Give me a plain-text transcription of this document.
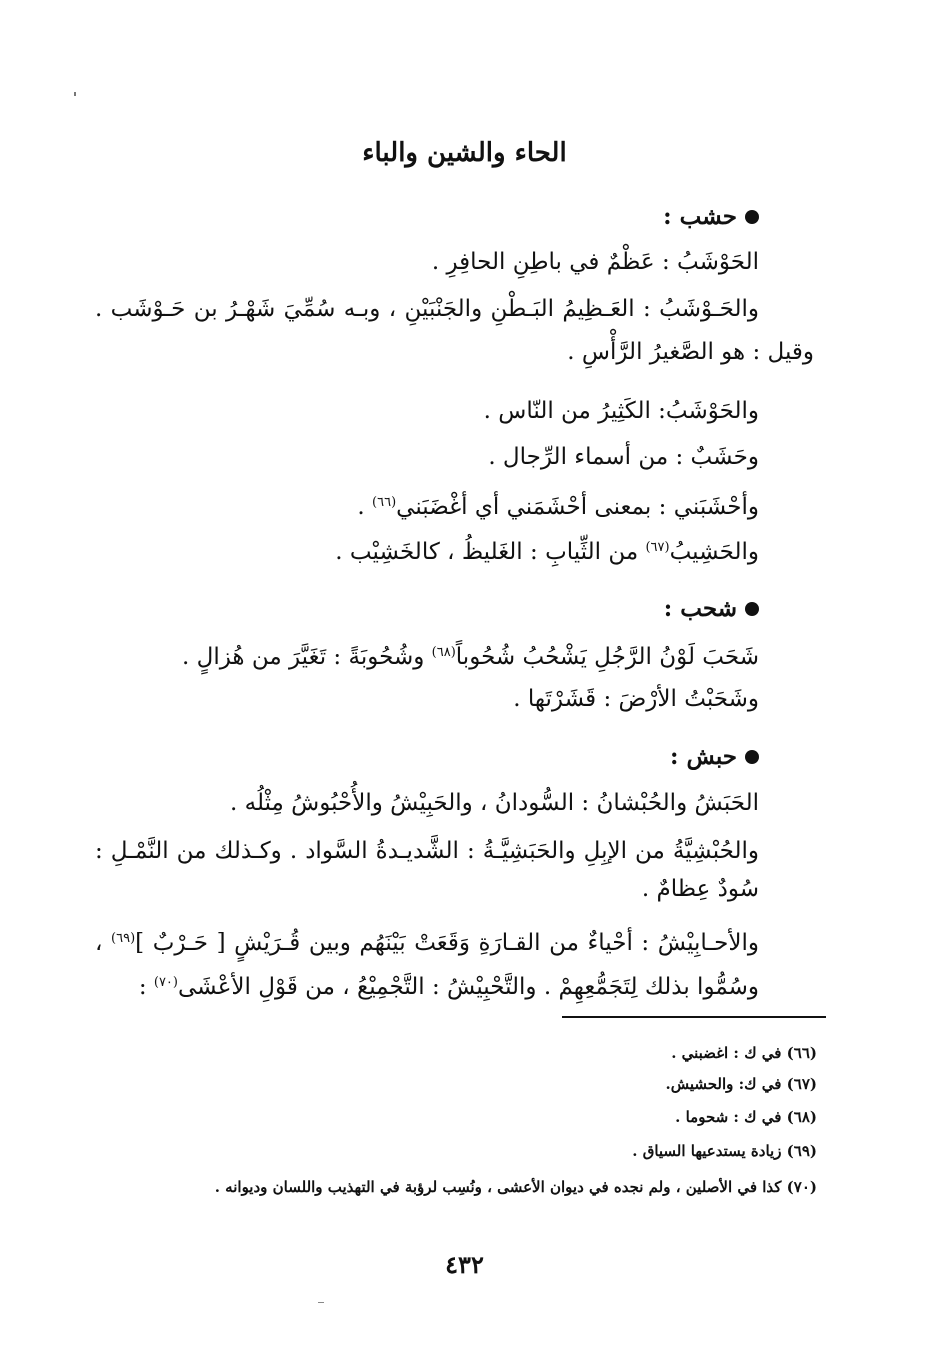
الحاء والشين والباء
حشب :
الحَوْشَبُ : عَظْمٌ في باطِنِ الحافِرِ .
والحَـوْشَبُ : العَـظِيمُ البَـطْنِ والجَنْبَيْنِ ، وبـه سُمِّيَ شَهْـرُ بن حَـوْشَب .
وقيل : هو الصَّغيرُ الرَّأْسِ .
والحَوْشَبُ: الكَثِيرُ من النّاس .
وحَشَبٌ : من أسماء الرِّجال .
وأحْشَبَني : بمعنى أحْشَمَني أي أغْضَبَني$^{(٦٦)}$ .
والحَشِيبُ$^{(٦٧)}$ من الثِّيابِ : الغَليظُ ، كالخَشِيْب .
شحب :
شَحَبَ لَوْنُ الرَّجُلِ يَشْحُبُ شُحُوباً$^{(٦٨)}$ وشُحُوبَةً : تَغَيَّرَ من هُزالٍ .
وشَحَبْتُ الأرْضَ : قَشَرْتَها .
حبش :
الحَبَشُ والحُبْشانُ : السُّودانُ ، والحَبِيْشُ والأُحْبُوشُ مِثْلُه .
والحُبْشِيَّةُ من الإبِلِ والحَبَشِيَّـةُ : الشَّديـدةُ السَّواد . وكـذلك من النَّمْـلِ :
سُودٌ عِظامٌ .
والأحـابِيْشُ : أحْياءٌ من القـارَةِ وَقَعَتْ بَيْنَهُم وبين قُـرَيْشٍ [ حَـرْبٌ ]$^{(٦٩)}$ ،
وسُمُّوا بذلك لِتَجَمُّعِهِمْ . والتَّحْبِيْشُ : التَّجْمِيْعُ ، من قَوْلِ الأعْشَى$^{(٧٠)}$ :
(٦٦) في ك : اغضبني .
(٦٧) في ك: والحشيش.
(٦٨) في ك : شحوما .
(٦٩) زيادة يستدعيها السياق .
(٧٠) كذا في الأصلين ، ولم نجده في ديوان الأعشى ، ونُسِب لرؤبة في التهذيب واللسان وديوانه .
٤٣٢
